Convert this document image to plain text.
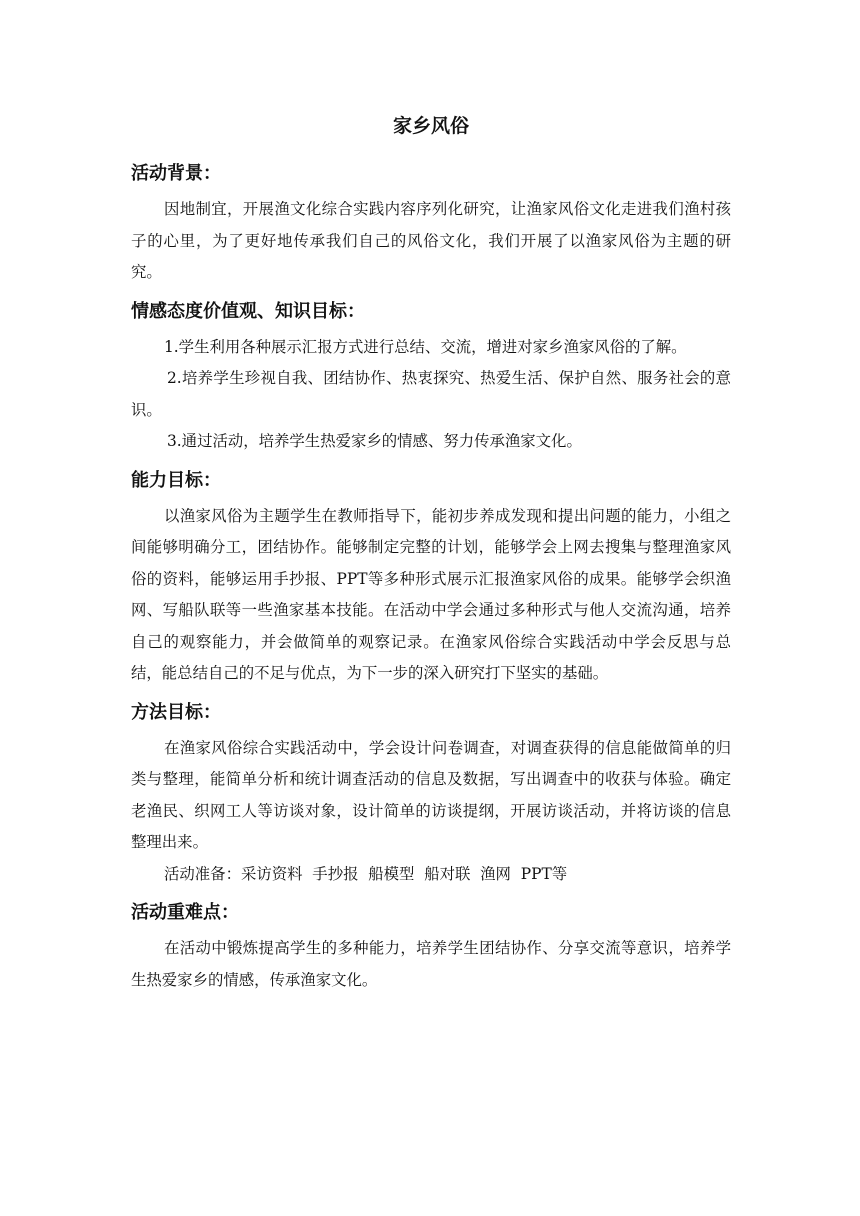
家乡风俗
活动背景：

因地制宜，开展渔文化综合实践内容序列化研究，让渔家风俗文化走进我们渔村孩子的心里，为了更好地传承我们自己的风俗文化，我们开展了以渔家风俗为主题的研究。

情感态度价值观、知识目标：

1.学生利用各种展示汇报方式进行总结、交流，增进对家乡渔家风俗的了解。

2.培养学生珍视自我、团结协作、热衷探究、热爱生活、保护自然、服务社会的意识。

3.通过活动，培养学生热爱家乡的情感、努力传承渔家文化。

能力目标：

以渔家风俗为主题学生在教师指导下，能初步养成发现和提出问题的能力，小组之间能够明确分工，团结协作。能够制定完整的计划，能够学会上网去搜集与整理渔家风俗的资料，能够运用手抄报、PPT等多种形式展示汇报渔家风俗的成果。能够学会织渔网、写船队联等一些渔家基本技能。在活动中学会通过多种形式与他人交流沟通，培养自己的观察能力，并会做简单的观察记录。在渔家风俗综合实践活动中学会反思与总结，能总结自己的不足与优点，为下一步的深入研究打下坚实的基础。

方法目标：

在渔家风俗综合实践活动中，学会设计问卷调查，对调查获得的信息能做简单的归类与整理，能简单分析和统计调查活动的信息及数据，写出调查中的收获与体验。确定老渔民、织网工人等访谈对象，设计简单的访谈提纲，开展访谈活动，并将访谈的信息整理出来。

活动准备：采访资料  手抄报  船模型  船对联  渔网  PPT等

活动重难点：

在活动中锻炼提高学生的多种能力，培养学生团结协作、分享交流等意识，培养学生热爱家乡的情感，传承渔家文化。
